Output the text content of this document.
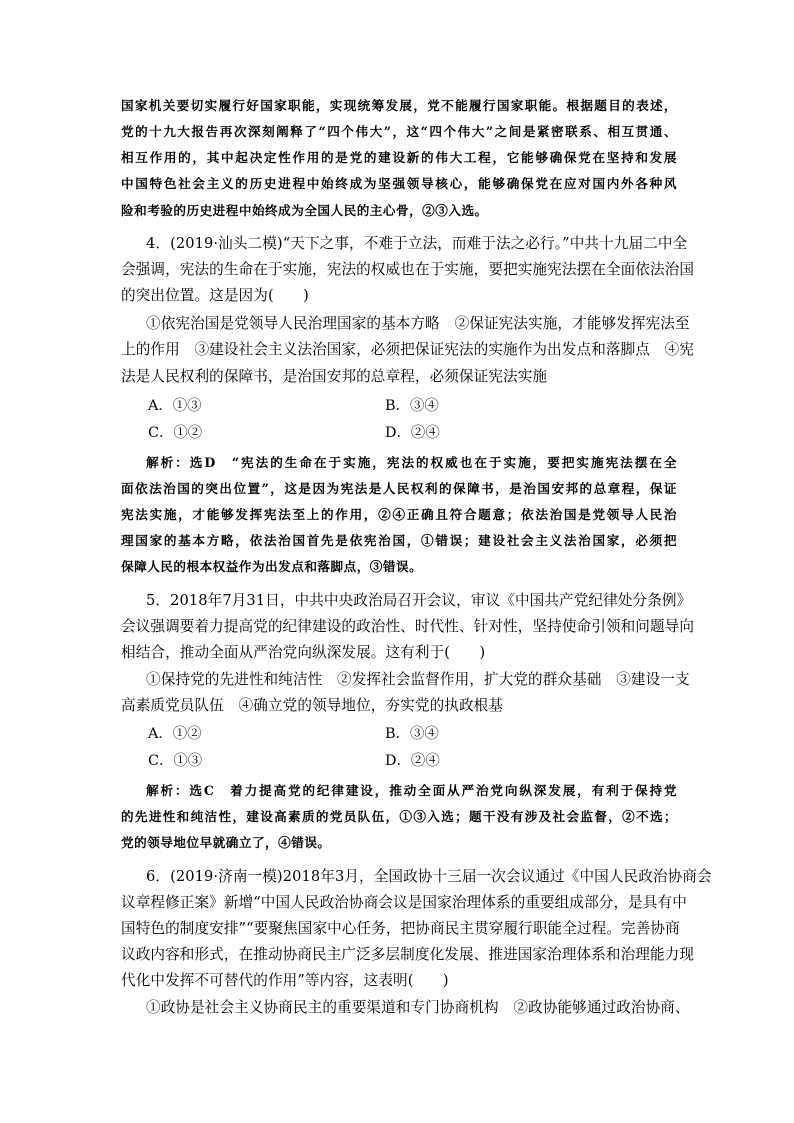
国家机关要切实履行好国家职能，实现统筹发展，党不能履行国家职能。根据题目的表述，
党的十九大报告再次深刻阐释了“四个伟大”，这“四个伟大”之间是紧密联系、相互贯通、
相互作用的，其中起决定性作用的是党的建设新的伟大工程，它能够确保党在坚持和发展
中国特色社会主义的历史进程中始终成为坚强领导核心，能够确保党在应对国内外各种风
险和考验的历史进程中始终成为全国人民的主心骨，②③入选。
4．(2019·汕头二模)“天下之事，不难于立法，而难于法之必行。”中共十九届二中全
会强调，宪法的生命在于实施，宪法的权威也在于实施，要把实施宪法摆在全面依法治国
的突出位置。这是因为(　　)
①依宪治国是党领导人民治理国家的基本方略　②保证宪法实施，才能够发挥宪法至
上的作用　③建设社会主义法治国家，必须把保证宪法的实施作为出发点和落脚点　④宪
法是人民权利的保障书，是治国安邦的总章程，必须保证宪法实施
A．①③	B．③④
C．①②	D．②④
解析：选D　“宪法的生命在于实施，宪法的权威也在于实施，要把实施宪法摆在全
面依法治国的突出位置”，这是因为宪法是人民权利的保障书，是治国安邦的总章程，保证
宪法实施，才能够发挥宪法至上的作用，②④正确且符合题意；依法治国是党领导人民治
理国家的基本方略，依法治国首先是依宪治国，①错误；建设社会主义法治国家，必须把
保障人民的根本权益作为出发点和落脚点，③错误。
5．2018年7月31日，中共中央政治局召开会议，审议《中国共产党纪律处分条例》
会议强调要着力提高党的纪律建设的政治性、时代性、针对性，坚持使命引领和问题导向
相结合，推动全面从严治党向纵深发展。这有利于(　　)
①保持党的先进性和纯洁性　②发挥社会监督作用，扩大党的群众基础　③建设一支
高素质党员队伍　④确立党的领导地位，夯实党的执政根基
A．①②	B．③④
C．①③	D．②④
解析：选C　着力提高党的纪律建设，推动全面从严治党向纵深发展，有利于保持党
的先进性和纯洁性，建设高素质的党员队伍，①③入选；题干没有涉及社会监督，②不选；
党的领导地位早就确立了，④错误。
6．(2019·济南一模)2018年3月，全国政协十三届一次会议通过《中国人民政治协商会
议章程修正案》新增“中国人民政治协商会议是国家治理体系的重要组成部分，是具有中
国特色的制度安排”“要聚焦国家中心任务，把协商民主贯穿履行职能全过程。完善协商
议政内容和形式，在推动协商民主广泛多层制度化发展、推进国家治理体系和治理能力现
代化中发挥不可替代的作用”等内容，这表明(　　)
①政协是社会主义协商民主的重要渠道和专门协商机构　②政协能够通过政治协商、
